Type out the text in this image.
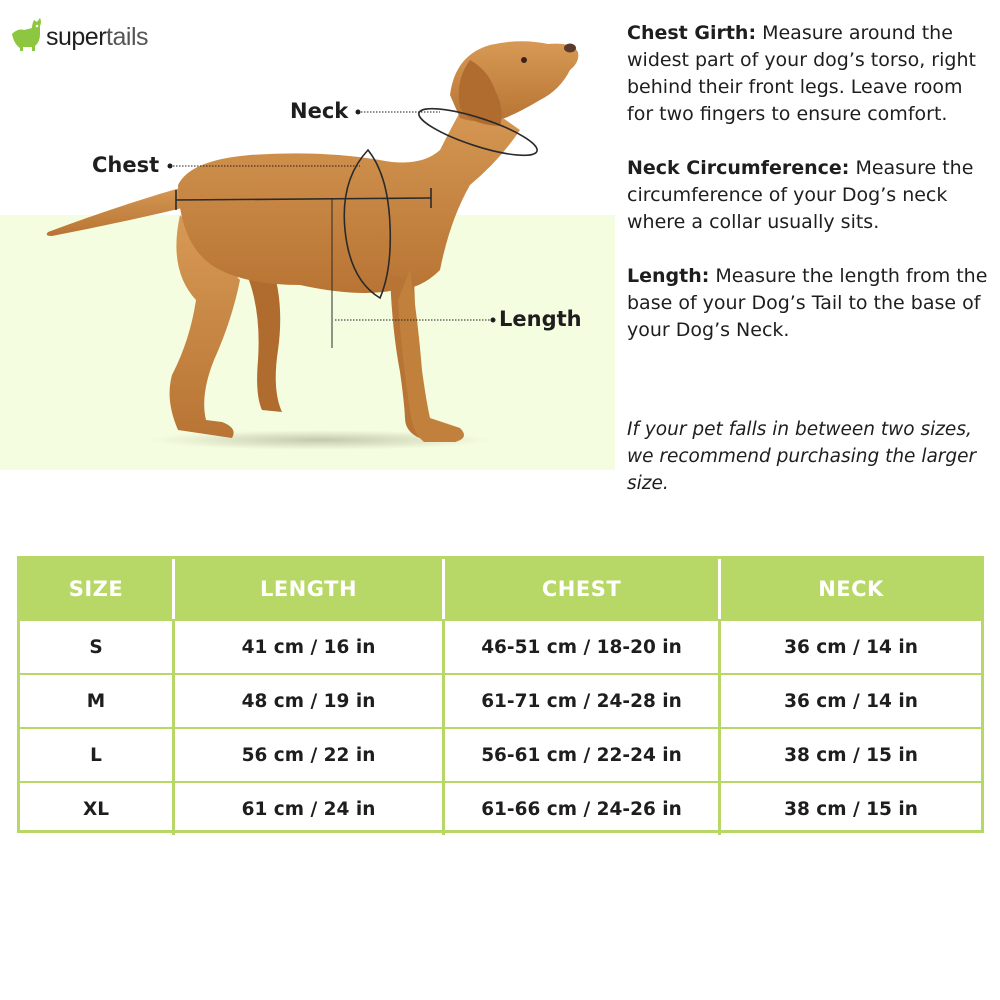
supertails
Neck
Chest
Length

Chest Girth: Measure around the widest part of your dog’s torso, right behind their front legs. Leave room for two fingers to ensure comfort.

Neck Circumference: Measure the circumference of your Dog’s neck where a collar usually sits.

Length: Measure the length from the base of your Dog’s Tail to the base of your Dog’s Neck.

If your pet falls in between two sizes, we recommend purchasing the larger size.
SIZE	LENGTH	CHEST	NECK
S	41 cm / 16 in	46-51 cm / 18-20 in	36 cm / 14 in
M	48 cm / 19 in	61-71 cm / 24-28 in	36 cm / 14 in
L	56 cm / 22 in	56-61 cm / 22-24 in	38 cm / 15 in
XL	61 cm / 24 in	61-66 cm / 24-26 in	38 cm / 15 in
